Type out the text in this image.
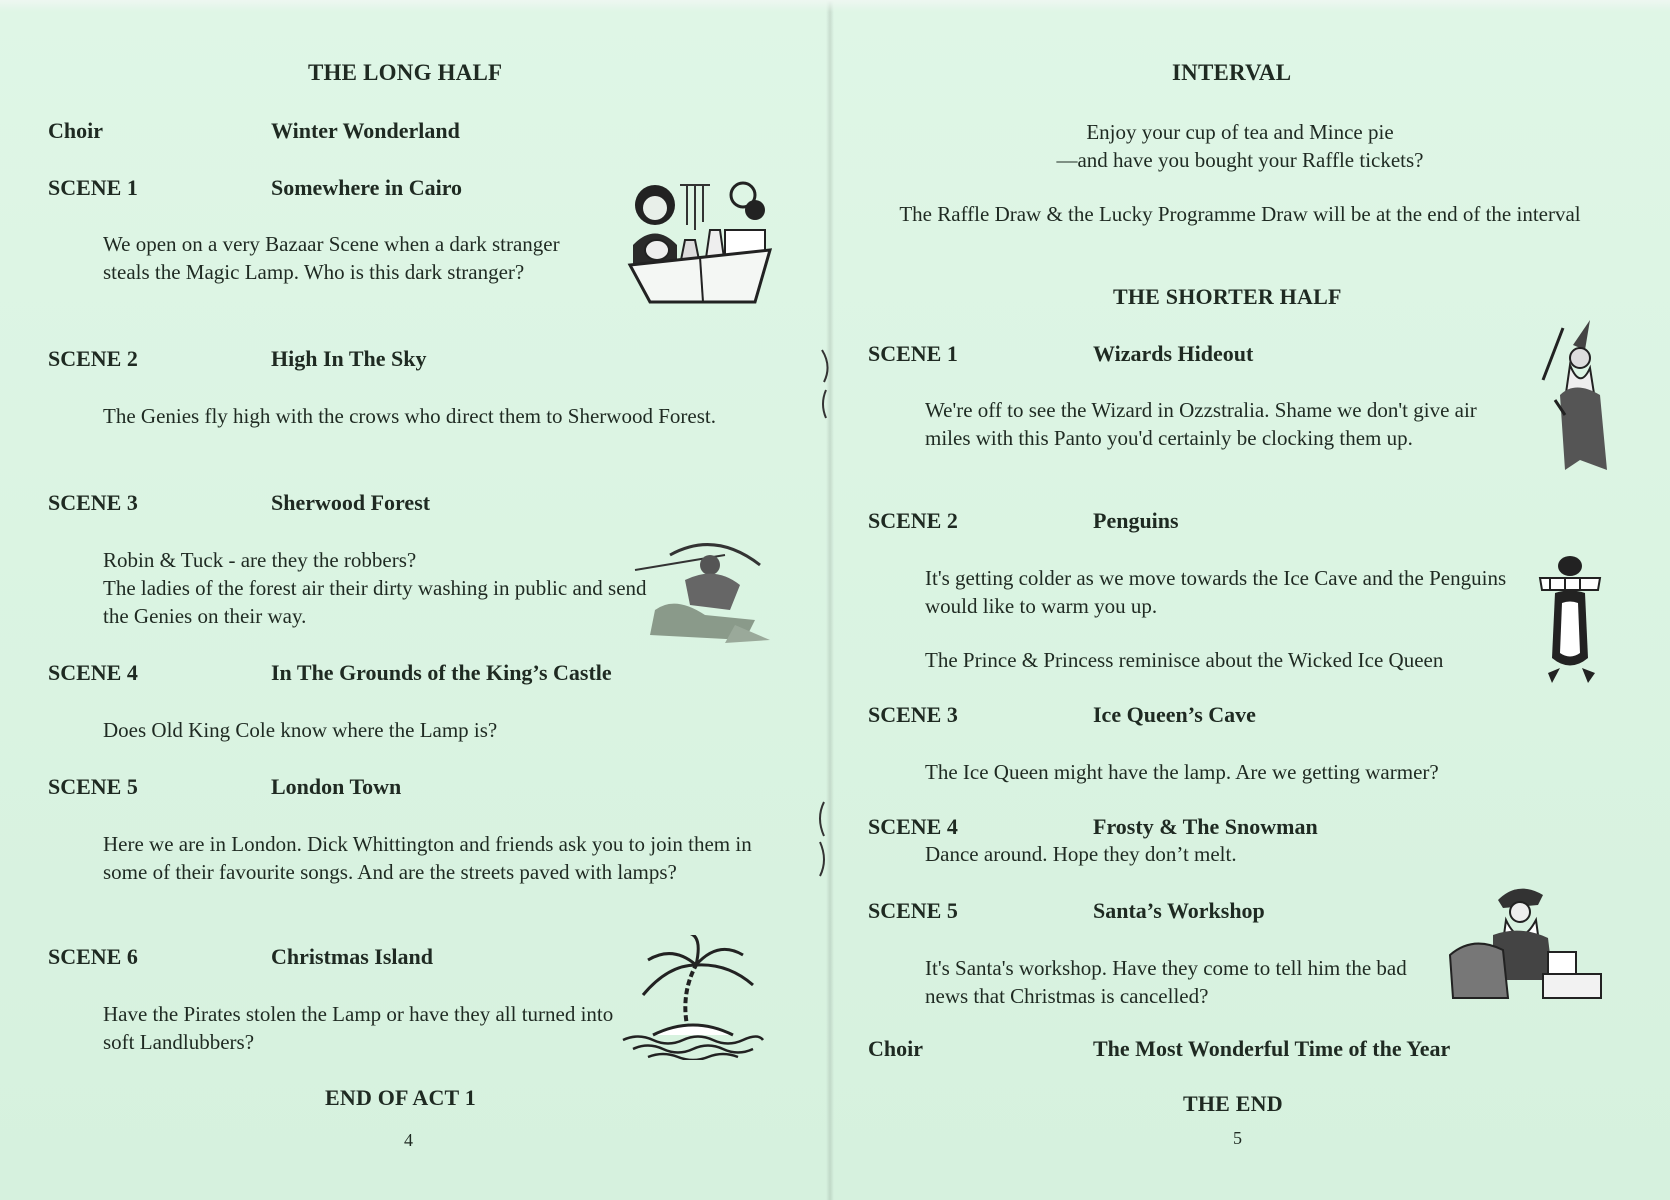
THE LONG HALF
Choir	Winter Wonderland
SCENE 1	Somewhere in Cairo
We open on a very Bazaar Scene when a dark stranger steals the Magic Lamp. Who is this dark stranger?
SCENE 2	High In The Sky
The Genies fly high with the crows who direct them to Sherwood Forest.
SCENE 3	Sherwood Forest
Robin & Tuck - are they the robbers?
The ladies of the forest air their dirty washing in public and send the Genies on their way.
SCENE 4	In The Grounds of the King’s Castle
Does Old King Cole know where the Lamp is?
SCENE 5	London Town
Here we are in London. Dick Whittington and friends ask you to join them in some of their favourite songs. And are the streets paved with lamps?
SCENE 6	Christmas Island
Have the Pirates stolen the Lamp or have they all turned into soft Landlubbers?
END OF ACT 1
4
INTERVAL
Enjoy your cup of tea and Mince pie
—and have you bought your Raffle tickets?
The Raffle Draw & the Lucky Programme Draw will be at the end of the interval
THE SHORTER HALF
SCENE 1	Wizards Hideout
We're off to see the Wizard in Ozzstralia. Shame we don't give air miles with this Panto you'd certainly be clocking them up.
SCENE 2	Penguins
It's getting colder as we move towards the Ice Cave and the Penguins would like to warm you up.
The Prince & Princess reminisce about the Wicked Ice Queen
SCENE 3	Ice Queen’s Cave
The Ice Queen might have the lamp. Are we getting warmer?
SCENE 4	Frosty & The Snowman
Dance around. Hope they don’t melt.
SCENE 5	Santa’s Workshop
It's Santa's workshop. Have they come to tell him the bad news that Christmas is cancelled?
Choir	The Most Wonderful Time of the Year
THE END
5
